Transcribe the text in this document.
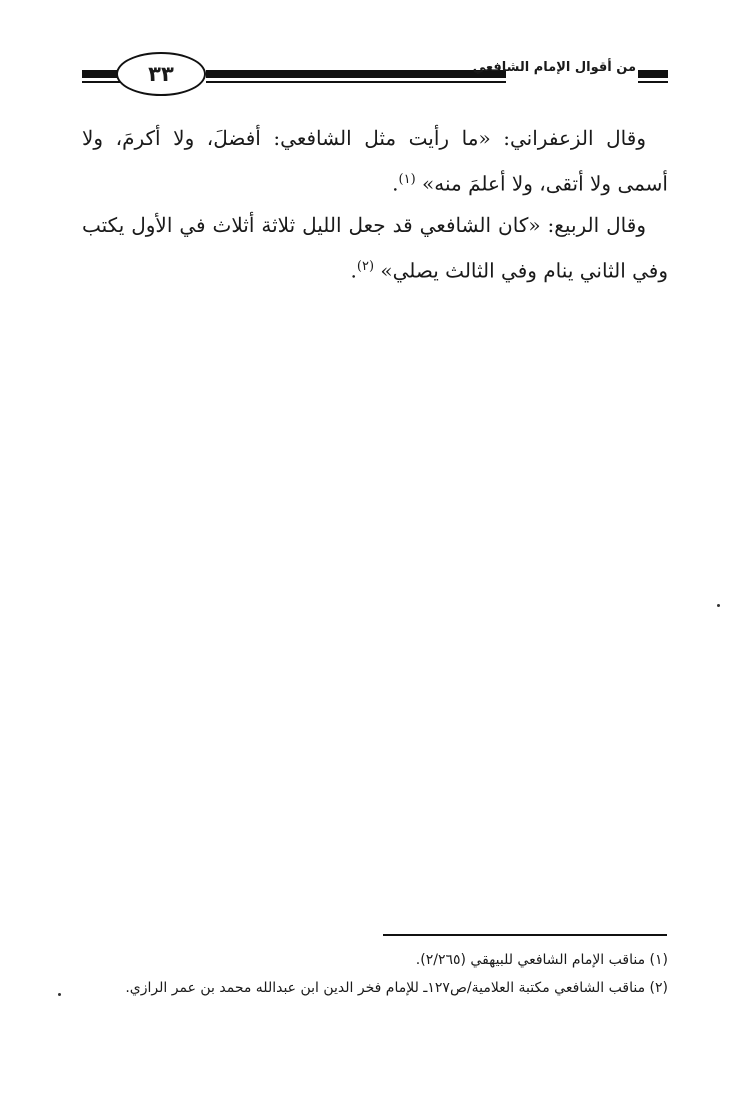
٣٣	من أقوال الإمام الشافعي

وقال الزعفراني: «ما رأيت مثل الشافعي: أفضلَ، ولا أكرمَ، ولا أسمى ولا أتقى، ولا أعلمَ منه» $^{(١)}$.

وقال الربيع: «كان الشافعي قد جعل الليل ثلاثة أثلاث في الأول يكتب وفي الثاني ينام وفي الثالث يصلي» $^{(٢)}$.

(١) مناقب الإمام الشافعي للبيهقي (٢/٢٦٥).
(٢) مناقب الشافعي مكتبة العلامية/ص١٢٧ـ للإمام فخر الدين ابن عبدالله محمد بن عمر الرازي.
